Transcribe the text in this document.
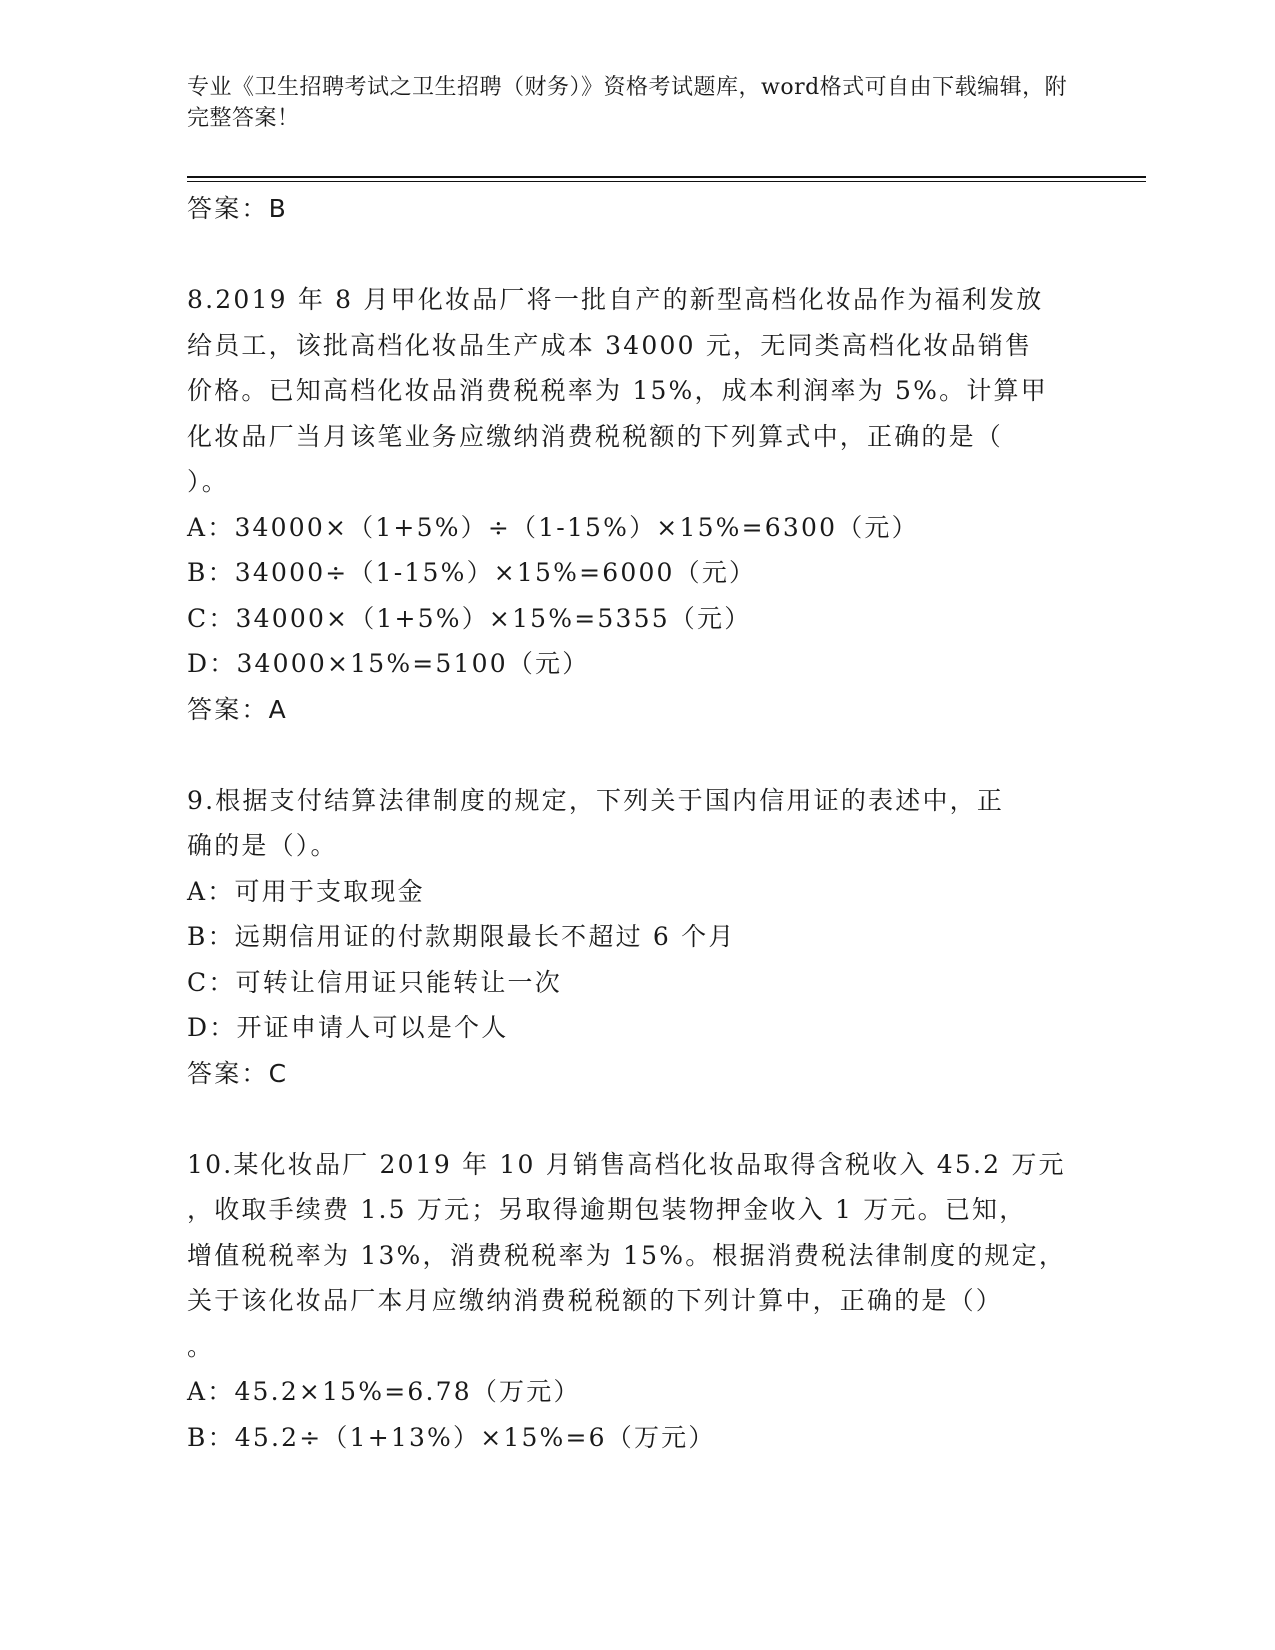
专业《卫生招聘考试之卫生招聘（财务）》资格考试题库，word格式可自由下载编辑，附完整答案！
答案：B
8.2019 年 8 月甲化妆品厂将一批自产的新型高档化妆品作为福利发放
给员工，该批高档化妆品生产成本 34000 元，无同类高档化妆品销售
价格。已知高档化妆品消费税税率为 15%，成本利润率为 5%。计算甲
化妆品厂当月该笔业务应缴纳消费税税额的下列算式中，正确的是（
）。
A：34000×（1+5%）÷（1-15%）×15%=6300（元）
B：34000÷（1-15%）×15%=6000（元）
C：34000×（1+5%）×15%=5355（元）
D：34000×15%=5100（元）
答案：A
9.根据支付结算法律制度的规定，下列关于国内信用证的表述中，正
确的是（）。
A：可用于支取现金
B：远期信用证的付款期限最长不超过 6 个月
C：可转让信用证只能转让一次
D：开证申请人可以是个人
答案：C
10.某化妆品厂 2019 年 10 月销售高档化妆品取得含税收入 45.2 万元
，收取手续费 1.5 万元；另取得逾期包装物押金收入 1 万元。已知，
增值税税率为 13%，消费税税率为 15%。根据消费税法律制度的规定，
关于该化妆品厂本月应缴纳消费税税额的下列计算中，正确的是（）
。
A：45.2×15%=6.78（万元）
B：45.2÷（1+13%）×15%=6（万元）
